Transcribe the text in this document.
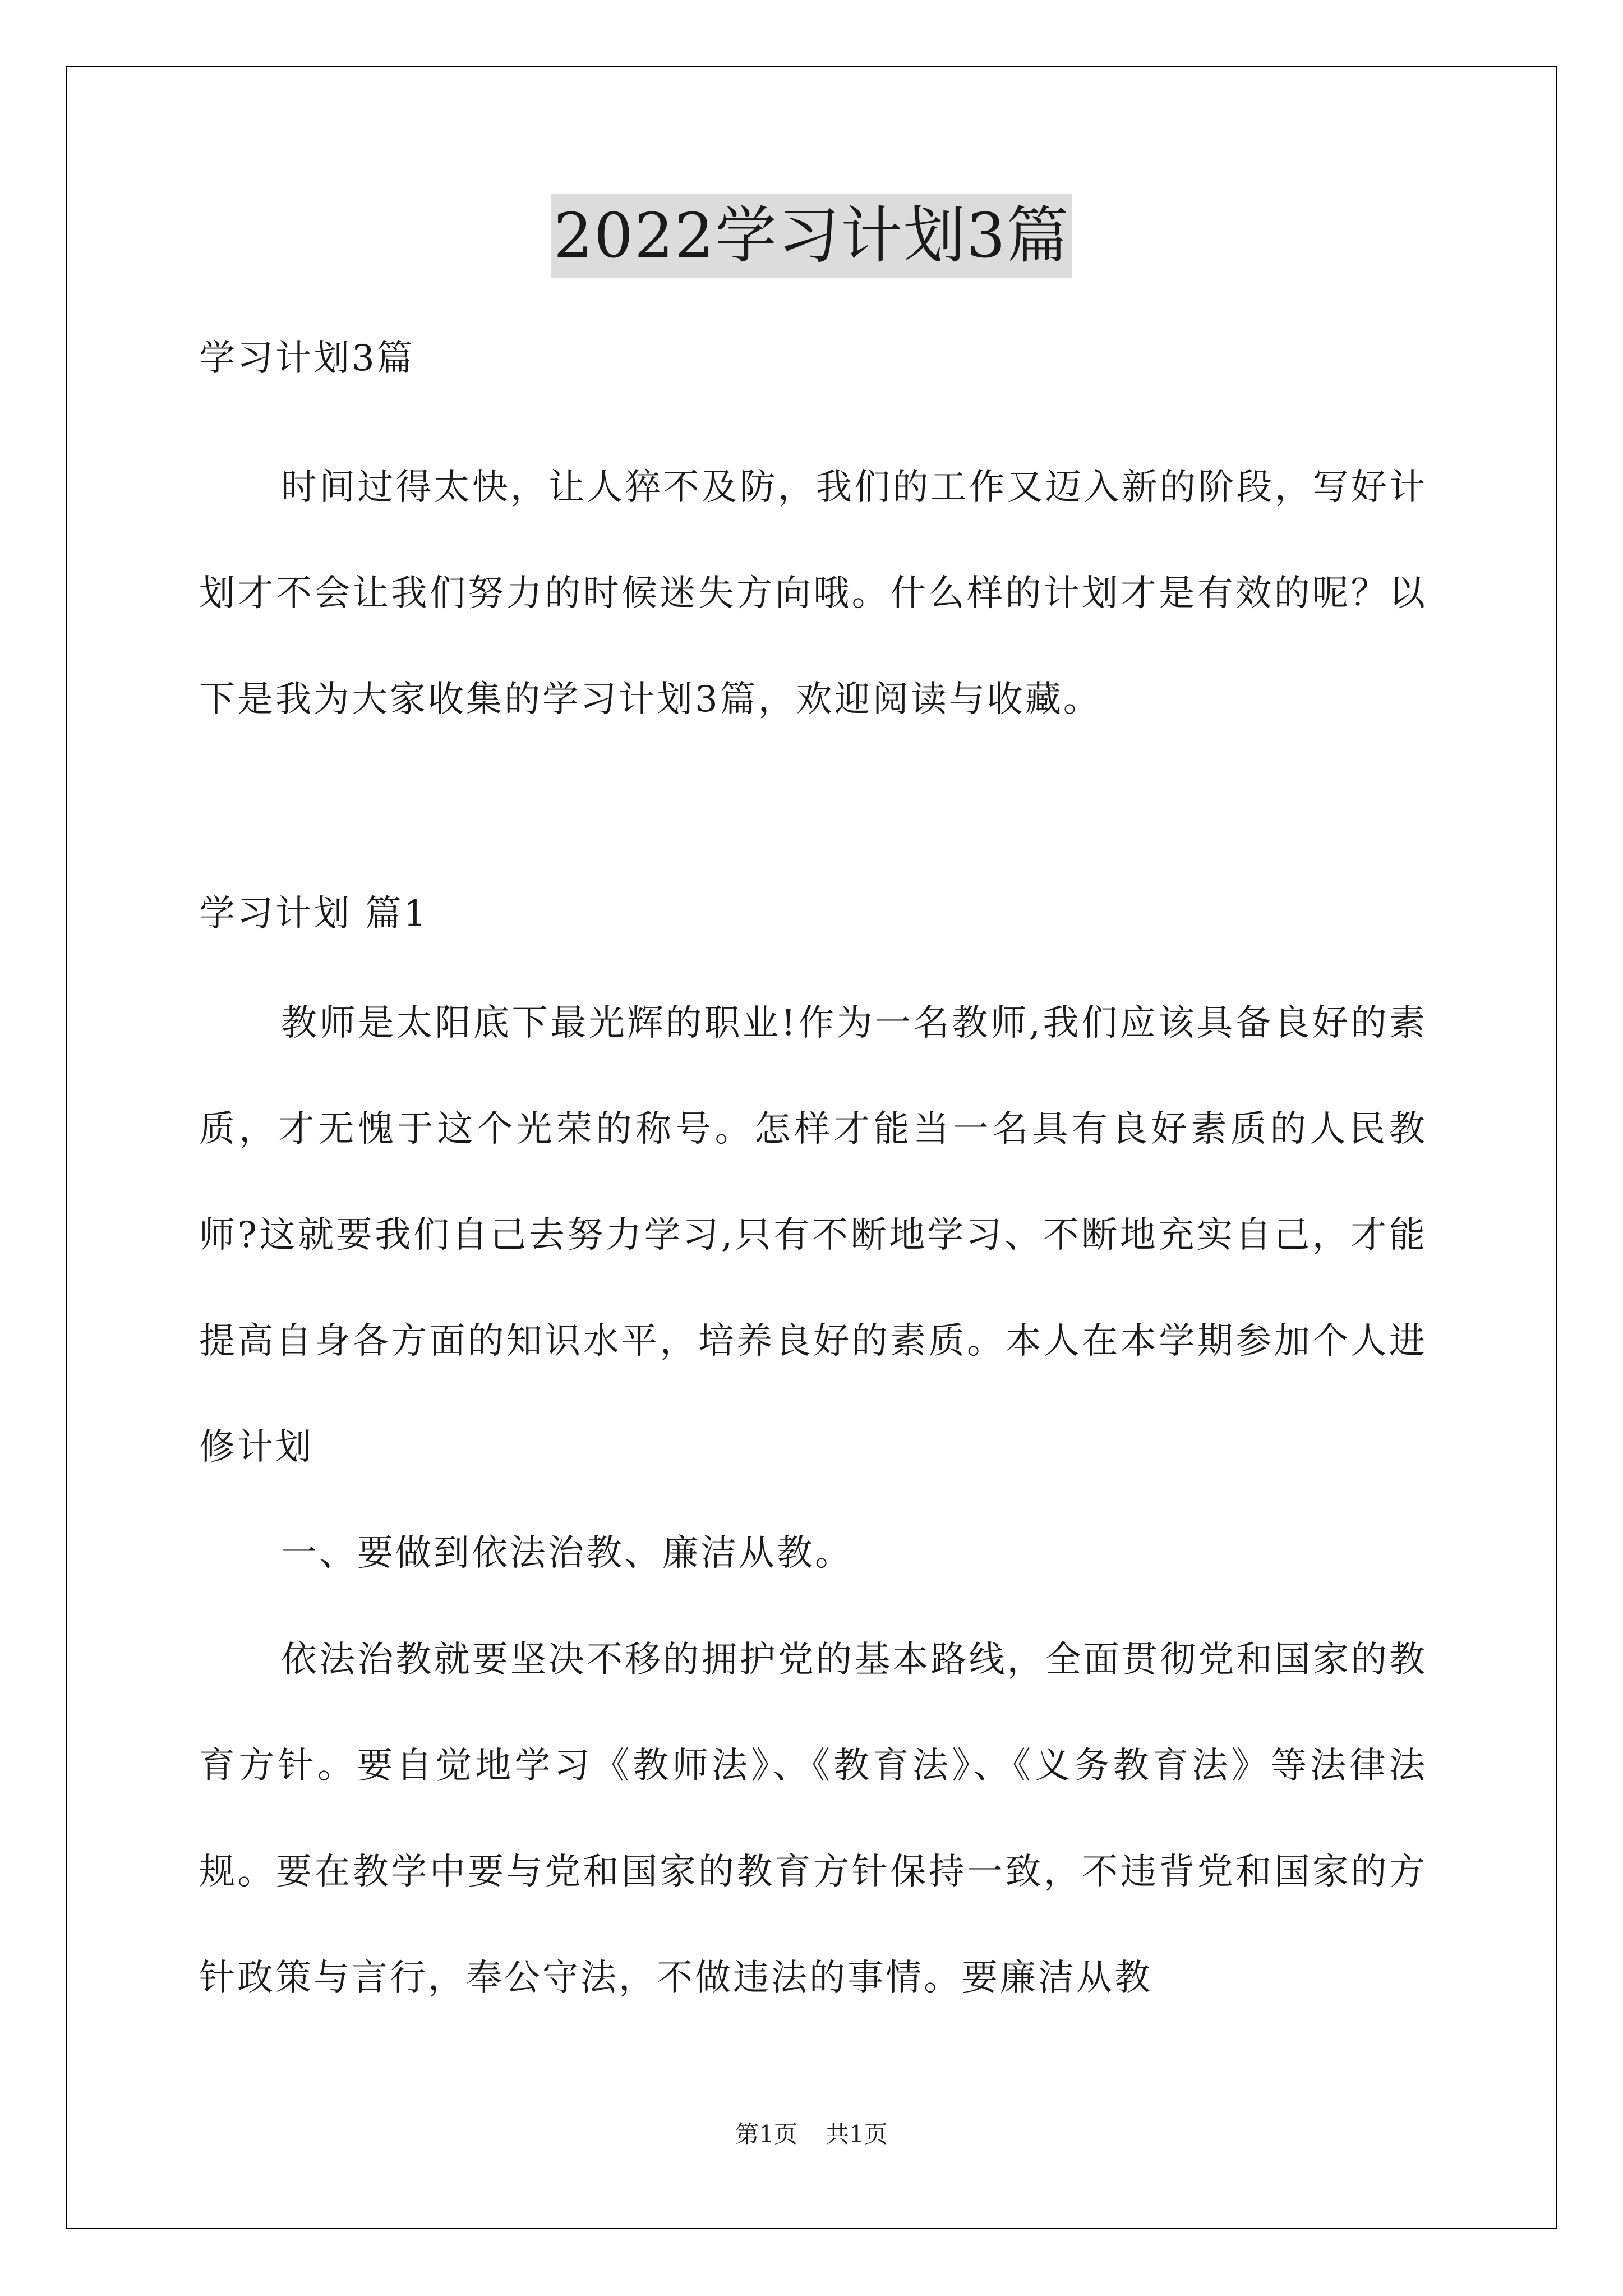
2022学习计划3篇
学习计划3篇
时间过得太快，让人猝不及防，我们的工作又迈入新的阶段，写好计划才不会让我们努力的时候迷失方向哦。什么样的计划才是有效的呢？以下是我为大家收集的学习计划3篇，欢迎阅读与收藏。
学习计划 篇1
教师是太阳底下最光辉的职业!作为一名教师,我们应该具备良好的素质，才无愧于这个光荣的称号。怎样才能当一名具有良好素质的人民教师?这就要我们自己去努力学习,只有不断地学习、不断地充实自己，才能提高自身各方面的知识水平，培养良好的素质。本人在本学期参加个人进修计划
一、要做到依法治教、廉洁从教。
依法治教就要坚决不移的拥护党的基本路线，全面贯彻党和国家的教育方针。要自觉地学习《教师法》、《教育法》、《义务教育法》等法律法规。要在教学中要与党和国家的教育方针保持一致，不违背党和国家的方针政策与言行，奉公守法，不做违法的事情。要廉洁从教
第1页 共1页
